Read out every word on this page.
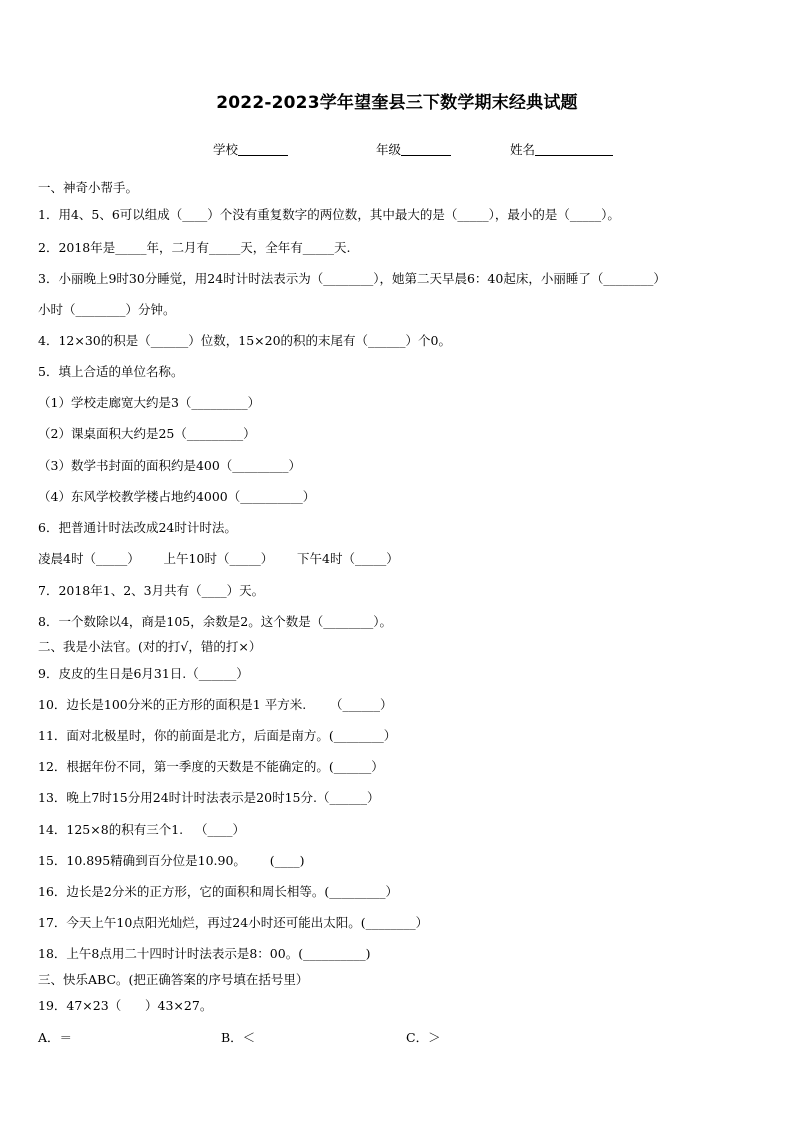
2022-2023学年望奎县三下数学期末经典试题
学校	年级	姓名
一、神奇小帮手。
1．用4、5、6可以组成（____）个没有重复数字的两位数，其中最大的是（_____），最小的是（_____）。
2．2018年是_____年，二月有_____天，全年有_____天.
3．小丽晚上9时30分睡觉，用24时计时法表示为（________），她第二天早晨6：40起床，小丽睡了（________）
小时（________）分钟。
4．12×30的积是（______）位数，15×20的积的末尾有（______）个0。
5．填上合适的单位名称。
（1）学校走廊宽大约是3（_________）
（2）课桌面积大约是25（_________）
（3）数学书封面的面积约是400（_________）
（4）东风学校教学楼占地约4000（__________）
6．把普通计时法改成24时计时法。
凌晨4时（_____）      上午10时（_____）      下午4时（_____）
7．2018年1、2、3月共有（____）天。
8．一个数除以4，商是105，余数是2。这个数是（________）。
二、我是小法官。(对的打√，错的打×）
9．皮皮的生日是6月31日.（______）
10．边长是100分米的正方形的面积是1 平方米.      （______）
11．面对北极星时，你的前面是北方，后面是南方。(________）
12．根据年份不同，第一季度的天数是不能确定的。(______）
13．晚上7时15分用24时计时法表示是20时15分.（______）
14．125×8的积有三个1.   （____）
15．10.895精确到百分位是10.90。      (____)
16．边长是2分米的正方形，它的面积和周长相等。(_________）
17．今天上午10点阳光灿烂，再过24小时还可能出太阳。(________）
18．上午8点用二十四时计时法表示是8：00。(__________)
三、快乐ABC。(把正确答案的序号填在括号里）
19．47×23（      ）43×27。
A．＝	B．＜	C．＞
